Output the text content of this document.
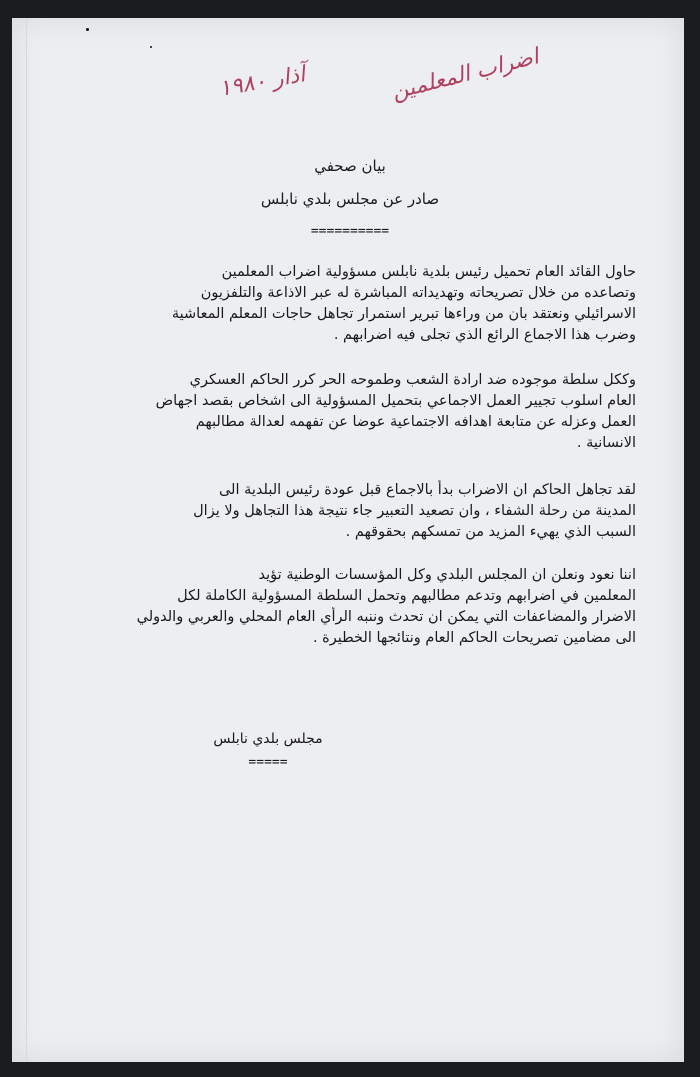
آذار ١٩٨٠	اضراب المعلمين
بيان صحفي
صادر عن مجلس بلدي نابلس
==========
حاول القائد العام تحميل رئيس بلدية نابلس مسؤولية اضراب المعلمين
وتصاعده من خلال تصريحاته وتهديداته المباشرة له عبر الاذاعة والتلفزيون
الاسرائيلي ونعتقد بان من وراءها تبرير استمرار تجاهل حاجات المعلم المعاشية
وضرب هذا الاجماع الرائع الذي تجلى فيه اضرابهم .
وككل سلطة موجوده ضد ارادة الشعب وطموحه الحر كرر الحاكم العسكري
العام اسلوب تجيير العمل الاجماعي بتحميل المسؤولية الى اشخاص بقصد اجهاض
العمل وعزله عن متابعة اهدافه الاجتماعية عوضا عن تفهمه لعدالة مطالبهم
الانسانية .
لقد تجاهل الحاكم ان الاضراب بدأ بالاجماع قبل عودة رئيس البلدية الى
المدينة من رحلة الشفاء ، وان تصعيد التعبير جاء نتيجة هذا التجاهل ولا يزال
السبب الذي يهيء المزيد من تمسكهم بحقوقهم .
اننا نعود ونعلن ان المجلس البلدي وكل المؤسسات الوطنية تؤيد
المعلمين في اضرابهم وتدعم مطالبهم وتحمل السلطة المسؤولية الكاملة لكل
الاضرار والمضاعفات التي يمكن ان تحدث وننبه الرأي العام المحلي والعربي والدولي
الى مضامين تصريحات الحاكم العام ونتائجها الخطيرة .
مجلس بلدي نابلس
=====
